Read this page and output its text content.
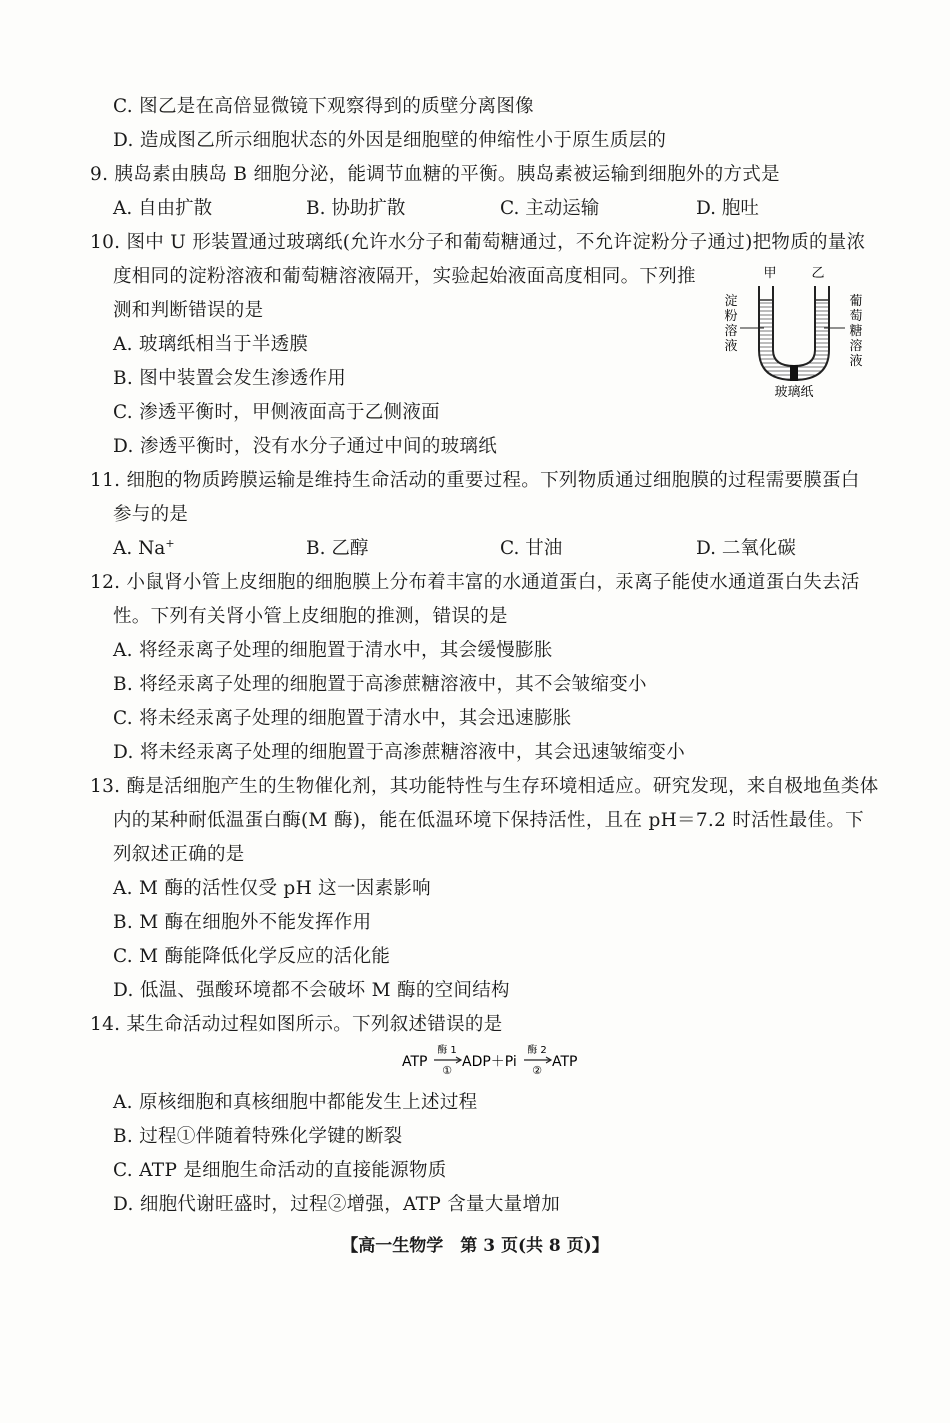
C. 图乙是在高倍显微镜下观察得到的质壁分离图像
D. 造成图乙所示细胞状态的外因是细胞壁的伸缩性小于原生质层的
9. 胰岛素由胰岛 B 细胞分泌，能调节血糖的平衡。胰岛素被运输到细胞外的方式是
A. 自由扩散	B. 协助扩散	C. 主动运输	D. 胞吐
10. 图中 U 形装置通过玻璃纸(允许水分子和葡萄糖通过，不允许淀粉分子通过)把物质的量浓
度相同的淀粉溶液和葡萄糖溶液隔开，实验起始液面高度相同。下列推
测和判断错误的是
A. 玻璃纸相当于半透膜
B. 图中装置会发生渗透作用
C. 渗透平衡时，甲侧液面高于乙侧液面
D. 渗透平衡时，没有水分子通过中间的玻璃纸
甲	乙
淀
粉
溶
液
葡
萄
糖
溶
液
玻璃纸
11. 细胞的物质跨膜运输是维持生命活动的重要过程。下列物质通过细胞膜的过程需要膜蛋白
参与的是
A. Na+	B. 乙醇	C. 甘油	D. 二氧化碳
12. 小鼠肾小管上皮细胞的细胞膜上分布着丰富的水通道蛋白，汞离子能使水通道蛋白失去活
性。下列有关肾小管上皮细胞的推测，错误的是
A. 将经汞离子处理的细胞置于清水中，其会缓慢膨胀
B. 将经汞离子处理的细胞置于高渗蔗糖溶液中，其不会皱缩变小
C. 将未经汞离子处理的细胞置于清水中，其会迅速膨胀
D. 将未经汞离子处理的细胞置于高渗蔗糖溶液中，其会迅速皱缩变小
13. 酶是活细胞产生的生物催化剂，其功能特性与生存环境相适应。研究发现，来自极地鱼类体
内的某种耐低温蛋白酶(M 酶)，能在低温环境下保持活性，且在 pH＝7.2 时活性最佳。下
列叙述正确的是
A. M 酶的活性仅受 pH 这一因素影响
B. M 酶在细胞外不能发挥作用
C. M 酶能降低化学反应的活化能
D. 低温、强酸环境都不会破坏 M 酶的空间结构
14. 某生命活动过程如图所示。下列叙述错误的是
ATP
酶 1
①
ADP＋Pi
酶 2
②
ATP
A. 原核细胞和真核细胞中都能发生上述过程
B. 过程①伴随着特殊化学键的断裂
C. ATP 是细胞生命活动的直接能源物质
D. 细胞代谢旺盛时，过程②增强，ATP 含量大量增加
【高一生物学　第 3 页(共 8 页)】
